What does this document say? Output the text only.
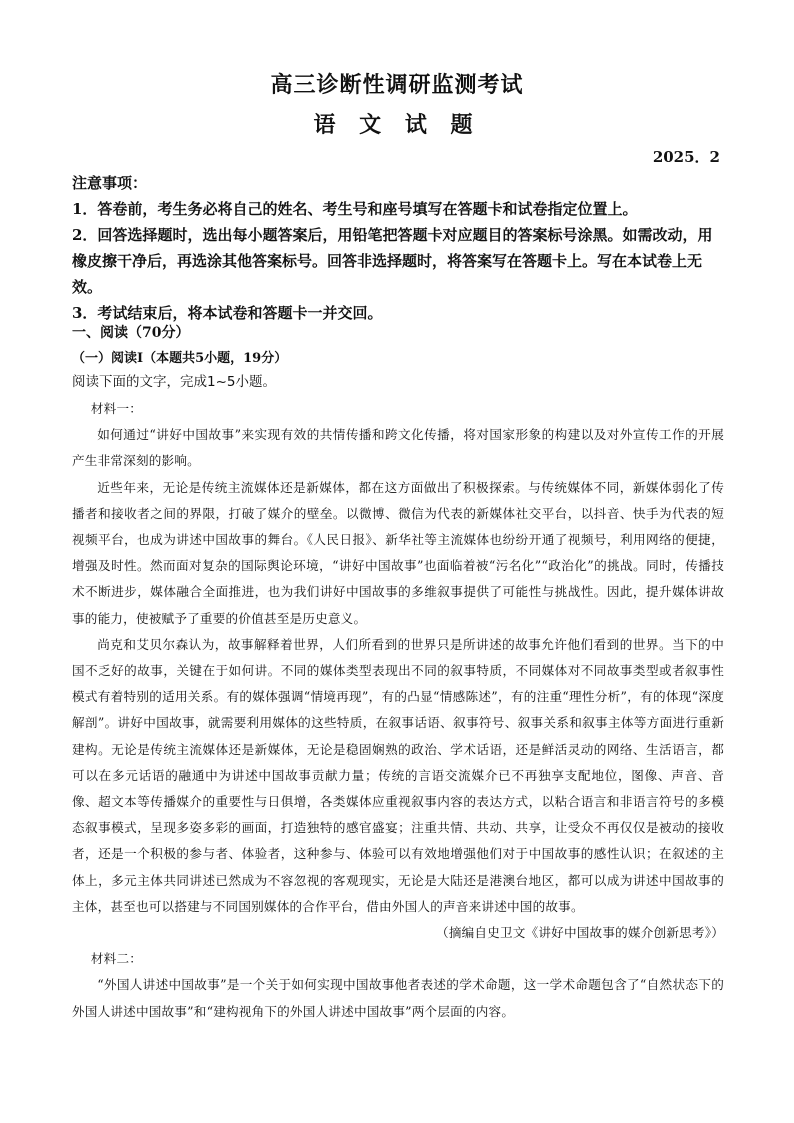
高三诊断性调研监测考试
语 文 试 题
2025．2

注意事项：

1．答卷前，考生务必将自己的姓名、考生号和座号填写在答题卡和试卷指定位置上。

2．回答选择题时，选出每小题答案后，用铅笔把答题卡对应题目的答案标号涂黑。如需改动，用橡皮擦干净后，再选涂其他答案标号。回答非选择题时，将答案写在答题卡上。写在本试卷上无效。

3．考试结束后，将本试卷和答题卡一并交回。

一、阅读（70分）
（一）阅读Ⅰ（本题共5小题，19分）
阅读下面的文字，完成1~5小题。

材料一：

如何通过“讲好中国故事”来实现有效的共情传播和跨文化传播，将对国家形象的构建以及对外宣传工作的开展产生非常深刻的影响。

近些年来，无论是传统主流媒体还是新媒体，都在这方面做出了积极探索。与传统媒体不同，新媒体弱化了传播者和接收者之间的界限，打破了媒介的壁垒。以微博、微信为代表的新媒体社交平台，以抖音、快手为代表的短视频平台，也成为讲述中国故事的舞台。《人民日报》、新华社等主流媒体也纷纷开通了视频号，利用网络的便捷，增强及时性。然而面对复杂的国际舆论环境，“讲好中国故事”也面临着被“污名化”“政治化”的挑战。同时，传播技术不断进步，媒体融合全面推进，也为我们讲好中国故事的多维叙事提供了可能性与挑战性。因此，提升媒体讲故事的能力，使被赋予了重要的价值甚至是历史意义。

尚克和艾贝尔森认为，故事解释着世界，人们所看到的世界只是所讲述的故事允许他们看到的世界。当下的中国不乏好的故事，关键在于如何讲。不同的媒体类型表现出不同的叙事特质，不同媒体对不同故事类型或者叙事性模式有着特别的适用关系。有的媒体强调“情境再现”，有的凸显“情感陈述”，有的注重“理性分析”，有的体现“深度解剖”。讲好中国故事，就需要利用媒体的这些特质，在叙事话语、叙事符号、叙事关系和叙事主体等方面进行重新建构。无论是传统主流媒体还是新媒体，无论是稳固娴熟的政治、学术话语，还是鲜活灵动的网络、生活语言，都可以在多元话语的融通中为讲述中国故事贡献力量；传统的言语交流媒介已不再独享支配地位，图像、声音、音像、超文本等传播媒介的重要性与日俱增，各类媒体应重视叙事内容的表达方式，以粘合语言和非语言符号的多模态叙事模式，呈现多姿多彩的画面，打造独特的感官盛宴；注重共情、共动、共享，让受众不再仅仅是被动的接收者，还是一个积极的参与者、体验者，这种参与、体验可以有效地增强他们对于中国故事的感性认识；在叙述的主体上，多元主体共同讲述已然成为不容忽视的客观现实，无论是大陆还是港澳台地区，都可以成为讲述中国故事的主体，甚至也可以搭建与不同国别媒体的合作平台，借由外国人的声音来讲述中国的故事。

（摘编自史卫文《讲好中国故事的媒介创新思考》）

材料二：

“外国人讲述中国故事”是一个关于如何实现中国故事他者表述的学术命题，这一学术命题包含了“自然状态下的外国人讲述中国故事”和“建构视角下的外国人讲述中国故事”两个层面的内容。
